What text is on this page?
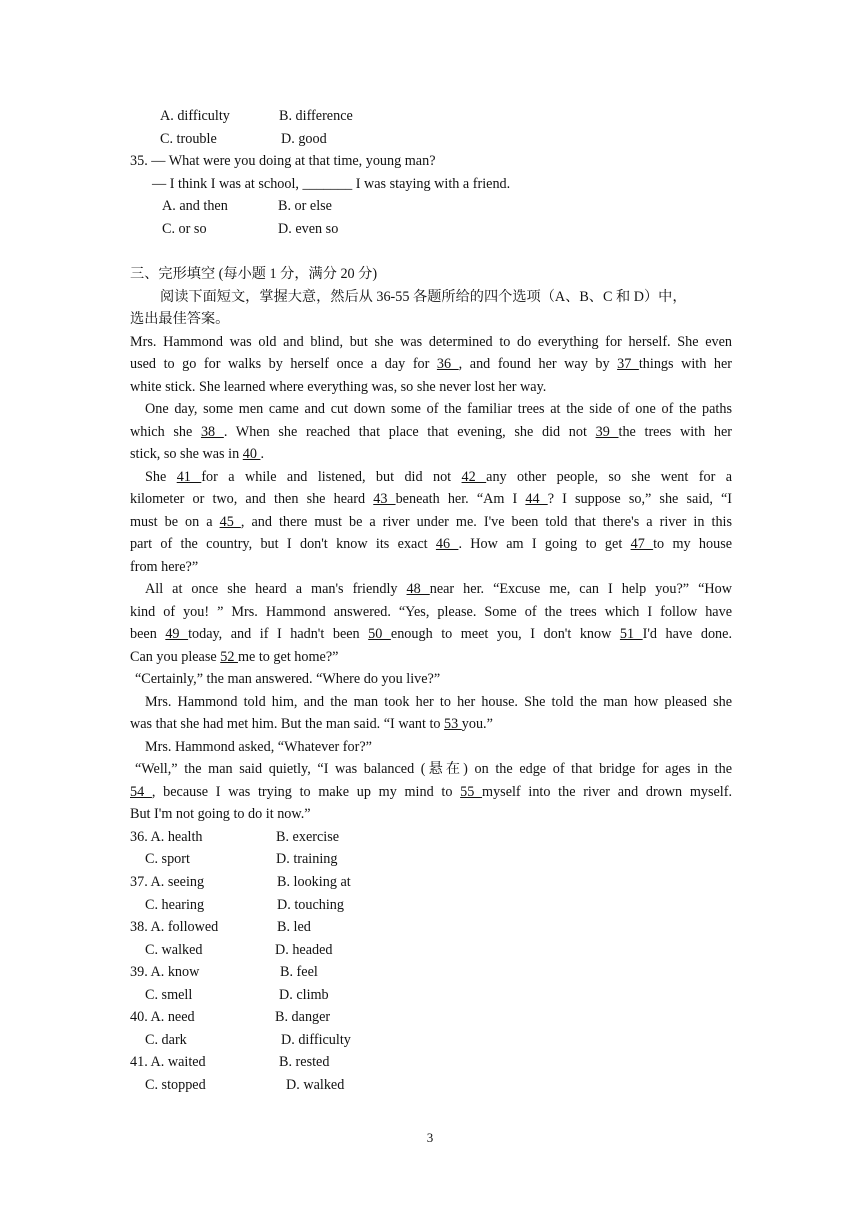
A. difficulty	B. difference
C. trouble	D. good
35. — What were you doing at that time, young man?
— I think I was at school, _______ I was staying with a friend.
A. and then	B. or else
C. or so	D. even so
三、完形填空 (每小题 1 分，满分 20 分)
阅读下面短文，掌握大意，然后从 36-55 各题所给的四个选项（A、B、C 和 D）中，
选出最佳答案。
Mrs. Hammond was old and blind, but she was determined to do everything for herself. She even
used to go for walks by herself once a day for 36 , and found her way by 37 things with her
white stick. She learned where everything was, so she never lost her way.
One day, some men came and cut down some of the familiar trees at the side of one of the paths
which she 38 . When she reached that place that evening, she did not 39 the trees with her
stick, so she was in 40 .
She 41 for a while and listened, but did not 42 any other people, so she went for a
kilometer or two, and then she heard 43 beneath her. “Am I 44 ? I suppose so,” she said, “I
must be on a 45 , and there must be a river under me. I've been told that there's a river in this
part of the country, but I don't know its exact 46 . How am I going to get 47 to my house
from here?”
All at once she heard a man's friendly 48 near her. “Excuse me, can I help you?” “How
kind of you! ” Mrs. Hammond answered. “Yes, please. Some of the trees which I follow have
been 49 today, and if I hadn't been 50 enough to meet you, I don't know 51 I'd have done.
Can you please 52 me to get home?”
“Certainly,” the man answered. “Where do you live?”
Mrs. Hammond told him, and the man took her to her house. She told the man how pleased she
was that she had met him. But the man said. “I want to 53 you.”
Mrs. Hammond asked, “Whatever for?”
“Well,” the man said quietly, “I was balanced (悬在) on the edge of that bridge for ages in the
54 , because I was trying to make up my mind to 55 myself into the river and drown myself.
But I'm not going to do it now.”
36. A. health	B. exercise
C. sport	D. training
37. A. seeing	B. looking at
C. hearing	D. touching
38. A. followed	B. led
C. walked	D. headed
39. A. know	B. feel
C. smell	D. climb
40. A. need	B. danger
C. dark	D. difficulty
41. A. waited	B. rested
C. stopped	D. walked
3
